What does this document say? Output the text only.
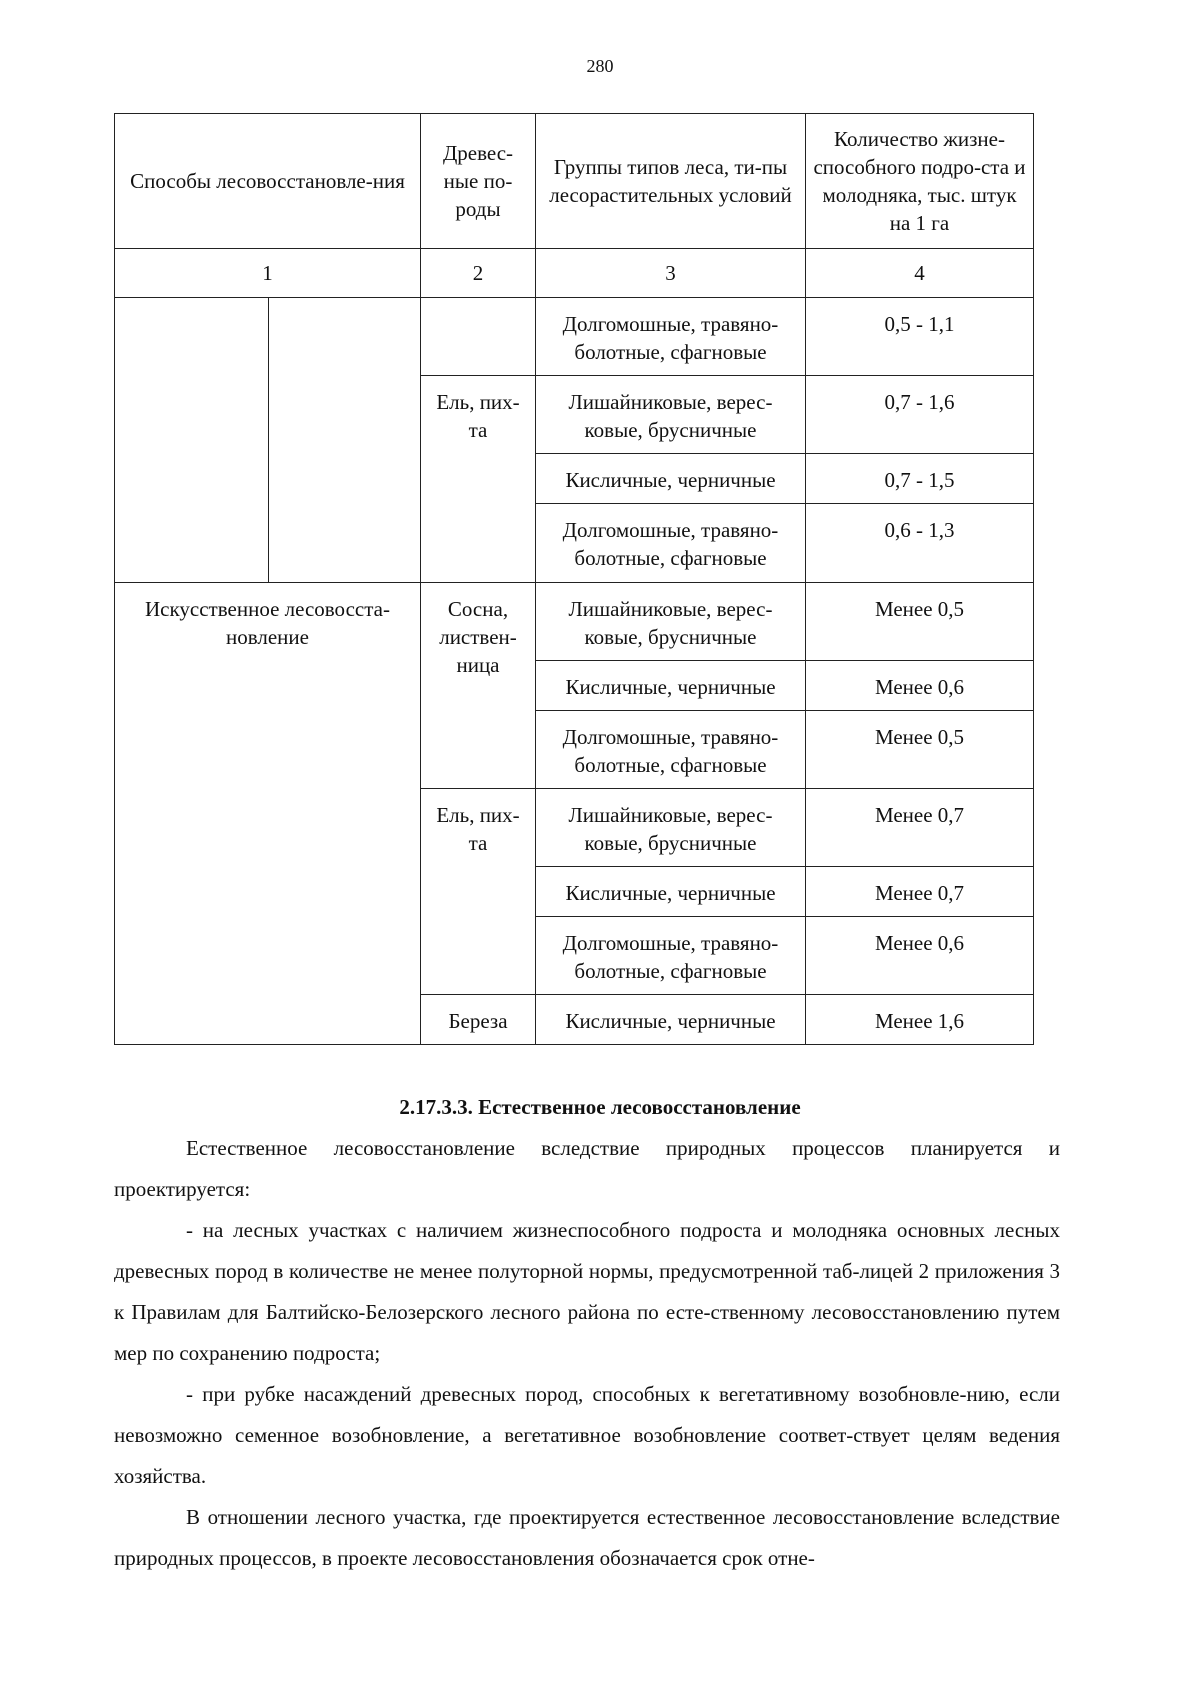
280
Способы лесовосстановле-ния		Древес-ные по-роды	Группы типов леса, ти-пы лесорастительных условий	Количество жизне-способного подро-ста и молодняка, тыс. штук на 1 га
1		2	3	4
			Долгомошные, травяно-болотные, сфагновые	0,5 - 1,1
		Ель, пих-та	Лишайниковые, верес-ковые, брусничные	0,7 - 1,6
			Кисличные, черничные	0,7 - 1,5
			Долгомошные, травяно-болотные, сфагновые	0,6 - 1,3
Искусственное лесовосста-новление		Сосна, листвен-ница	Лишайниковые, верес-ковые, брусничные	Менее 0,5
			Кисличные, черничные	Менее 0,6
			Долгомошные, травяно-болотные, сфагновые	Менее 0,5
		Ель, пих-та	Лишайниковые, верес-ковые, брусничные	Менее 0,7
			Кисличные, черничные	Менее 0,7
			Долгомошные, травяно-болотные, сфагновые	Менее 0,6
		Береза	Кисличные, черничные	Менее 1,6
2.17.3.3. Естественное лесовосстановление

Естественное лесовосстановление вследствие природных процессов планируется и проектируется:

- на лесных участках с наличием жизнеспособного подроста и молодняка основных лесных древесных пород в количестве не менее полуторной нормы, предусмотренной таб-лицей 2 приложения 3 к Правилам для Балтийско-Белозерского лесного района по есте-ственному лесовосстановлению путем мер по сохранению подроста;

- при рубке насаждений древесных пород, способных к вегетативному возобновле-нию, если невозможно семенное возобновление, а вегетативное возобновление соответ-ствует целям ведения хозяйства.

В отношении лесного участка, где проектируется естественное лесовосстановление вследствие природных процессов, в проекте лесовосстановления обозначается срок отне-
